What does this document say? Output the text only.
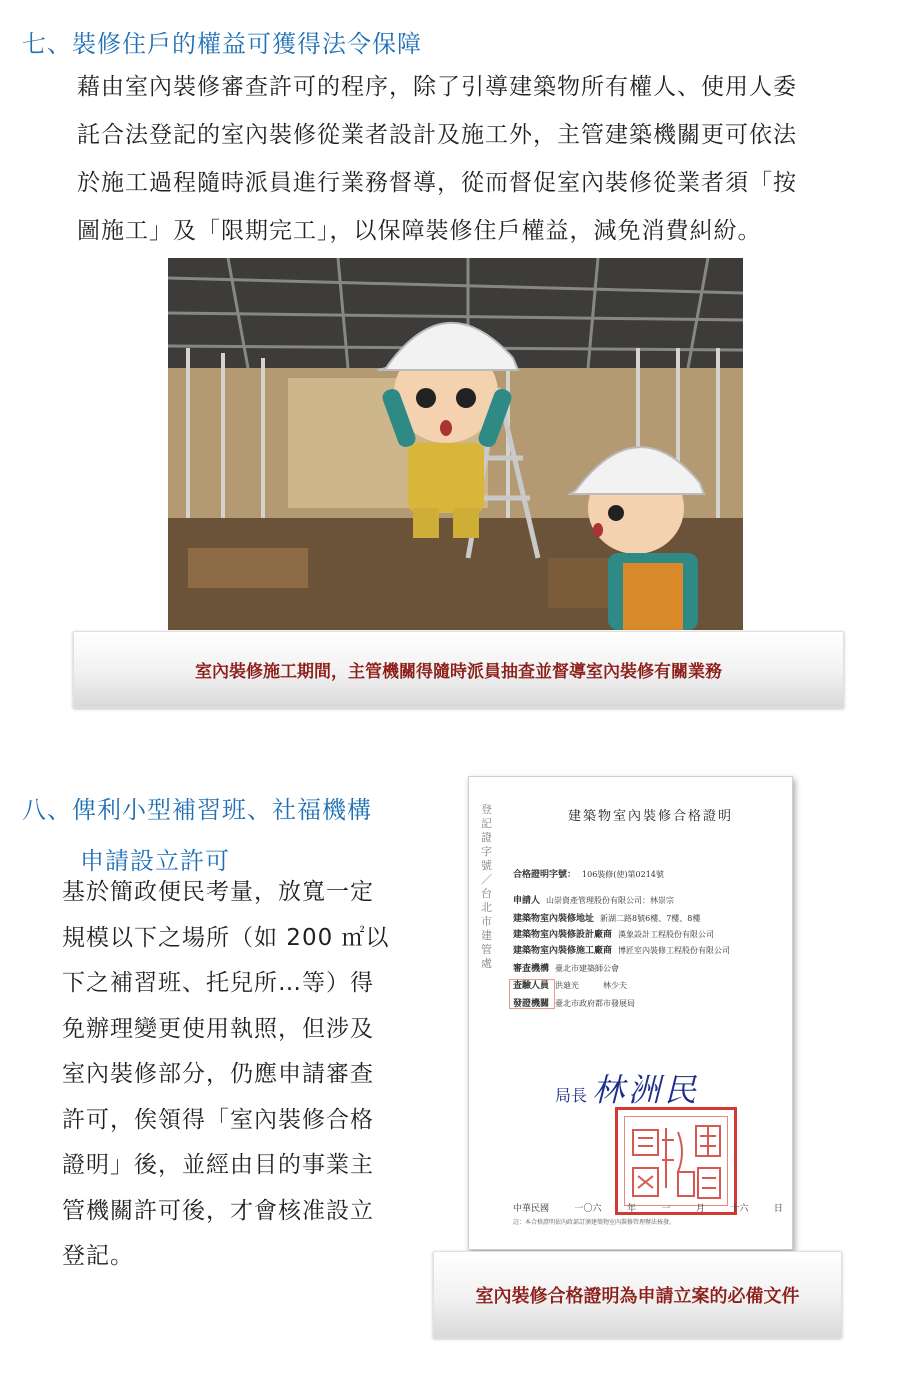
七、裝修住戶的權益可獲得法令保障
藉由室內裝修審查許可的程序，除了引導建築物所有權人、使用人委
託合法登記的室內裝修從業者設計及施工外，主管建築機關更可依法
於施工過程隨時派員進行業務督導，從而督促室內裝修從業者須「按
圖施工」及「限期完工」，以保障裝修住戶權益，減免消費糾紛。
室內裝修施工期間，主管機關得隨時派員抽查並督導室內裝修有關業務
八、俾利小型補習班、社福機構
申請設立許可
基於簡政便民考量，放寬一定
規模以下之場所（如 200 ㎡以
下之補習班、托兒所…等）得
免辦理變更使用執照，但涉及
室內裝修部分，仍應申請審查
許可，俟領得「室內裝修合格
證明」後，並經由目的事業主
管機關許可後，才會核准設立
登記。
登記證字號／台北市建管處
建築物室內裝修合格證明
合格證明字號： 106裝修(使)第0214號
申請人 山崇資產管理股份有限公司：林崇宗
建築物室內裝修地址 新湖二路8號6樓、7樓、8樓
建築物室內裝修設計廠商 漢象設計工程股份有限公司
建築物室內裝修施工廠商 博匠室內裝修工程股份有限公司
審查機構 臺北市建築師公會
查驗人員 洪廸光　　　林少夫
發證機關 臺北市政府都市發展局
局長 林洲民
中華民國	一〇六	年	一	月	十六	日
註：本合格證明依內政部訂頒建築物室內裝修管理辦法核發。
室內裝修合格證明為申請立案的必備文件
